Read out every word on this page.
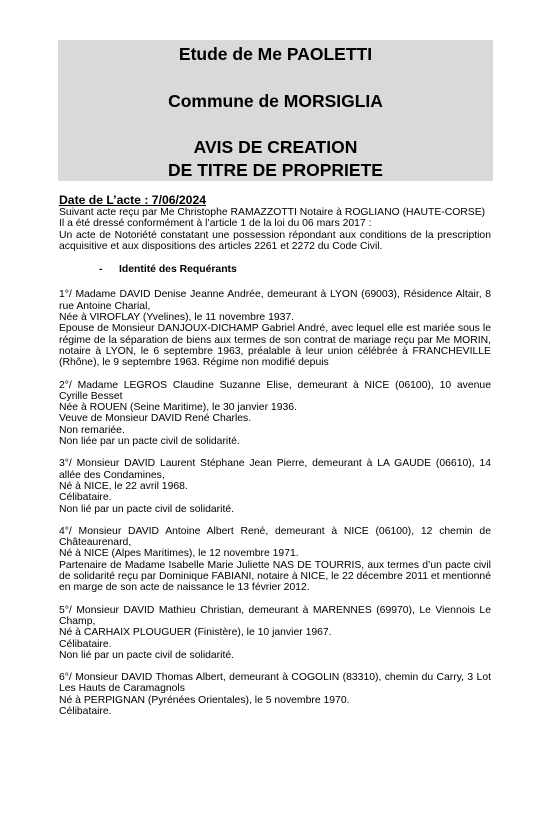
Etude de Me PAOLETTI
Commune de MORSIGLIA
AVIS DE CREATION
DE TITRE DE PROPRIETE
Date de L’acte : 7/06/2024

Suivant acte reçu par Me Christophe RAMAZZOTTI Notaire à ROGLIANO (HAUTE-CORSE)

Il a été dressé conformément à l’article 1 de la loi du 06 mars 2017 :

Un acte de Notoriété constatant une possession répondant aux conditions de la prescription acquisitive et aux dispositions des articles 2261 et 2272 du Code Civil.

- Identité des Requérants
1°/ Madame DAVID Denise Jeanne Andrée, demeurant à LYON (69003), Résidence Altair, 8 rue Antoine Charial,
Née à VIROFLAY (Yvelines), le 11 novembre 1937.
Epouse de Monsieur DANJOUX-DICHAMP Gabriel André, avec lequel elle est mariée sous le régime de la séparation de biens aux termes de son contrat de mariage reçu par Me MORIN, notaire à LYON, le 6 septembre 1963, préalable à leur union célébrée à FRANCHEVILLE (Rhône), le 9 septembre 1963. Régime non modifié depuis
2°/ Madame LEGROS Claudine Suzanne Elise, demeurant à NICE (06100), 10 avenue Cyrille Besset
Née à ROUEN (Seine Maritime), le 30 janvier 1936.
Veuve de Monsieur DAVID René Charles.
Non remariée.
Non liée par un pacte civil de solidarité.
3°/ Monsieur DAVID Laurent Stéphane Jean Pierre, demeurant à LA GAUDE (06610), 14 allée des Condamines,
Né à NICE, le 22 avril 1968.
Célibataire.
Non lié par un pacte civil de solidarité.
4°/ Monsieur DAVID Antoine Albert René, demeurant à NICE (06100), 12 chemin de Châteaurenard,
Né à NICE (Alpes Maritimes), le 12 novembre 1971.
Partenaire de Madame Isabelle Marie Juliette NAS DE TOURRIS, aux termes d’un pacte civil de solidarité reçu par Dominique FABIANI, notaire à NICE, le 22 décembre 2011 et mentionné en marge de son acte de naissance le 13 février 2012.
5°/ Monsieur DAVID Mathieu Christian, demeurant à MARENNES (69970), Le Viennois Le Champ,
Né à CARHAIX PLOUGUER (Finistère), le 10 janvier 1967.
Célibataire.
Non lié par un pacte civil de solidarité.
6°/ Monsieur DAVID Thomas Albert, demeurant à COGOLIN (83310), chemin du Carry, 3 Lot Les Hauts de Caramagnols
Né à PERPIGNAN (Pyrénées Orientales), le 5 novembre 1970.
Célibataire.
